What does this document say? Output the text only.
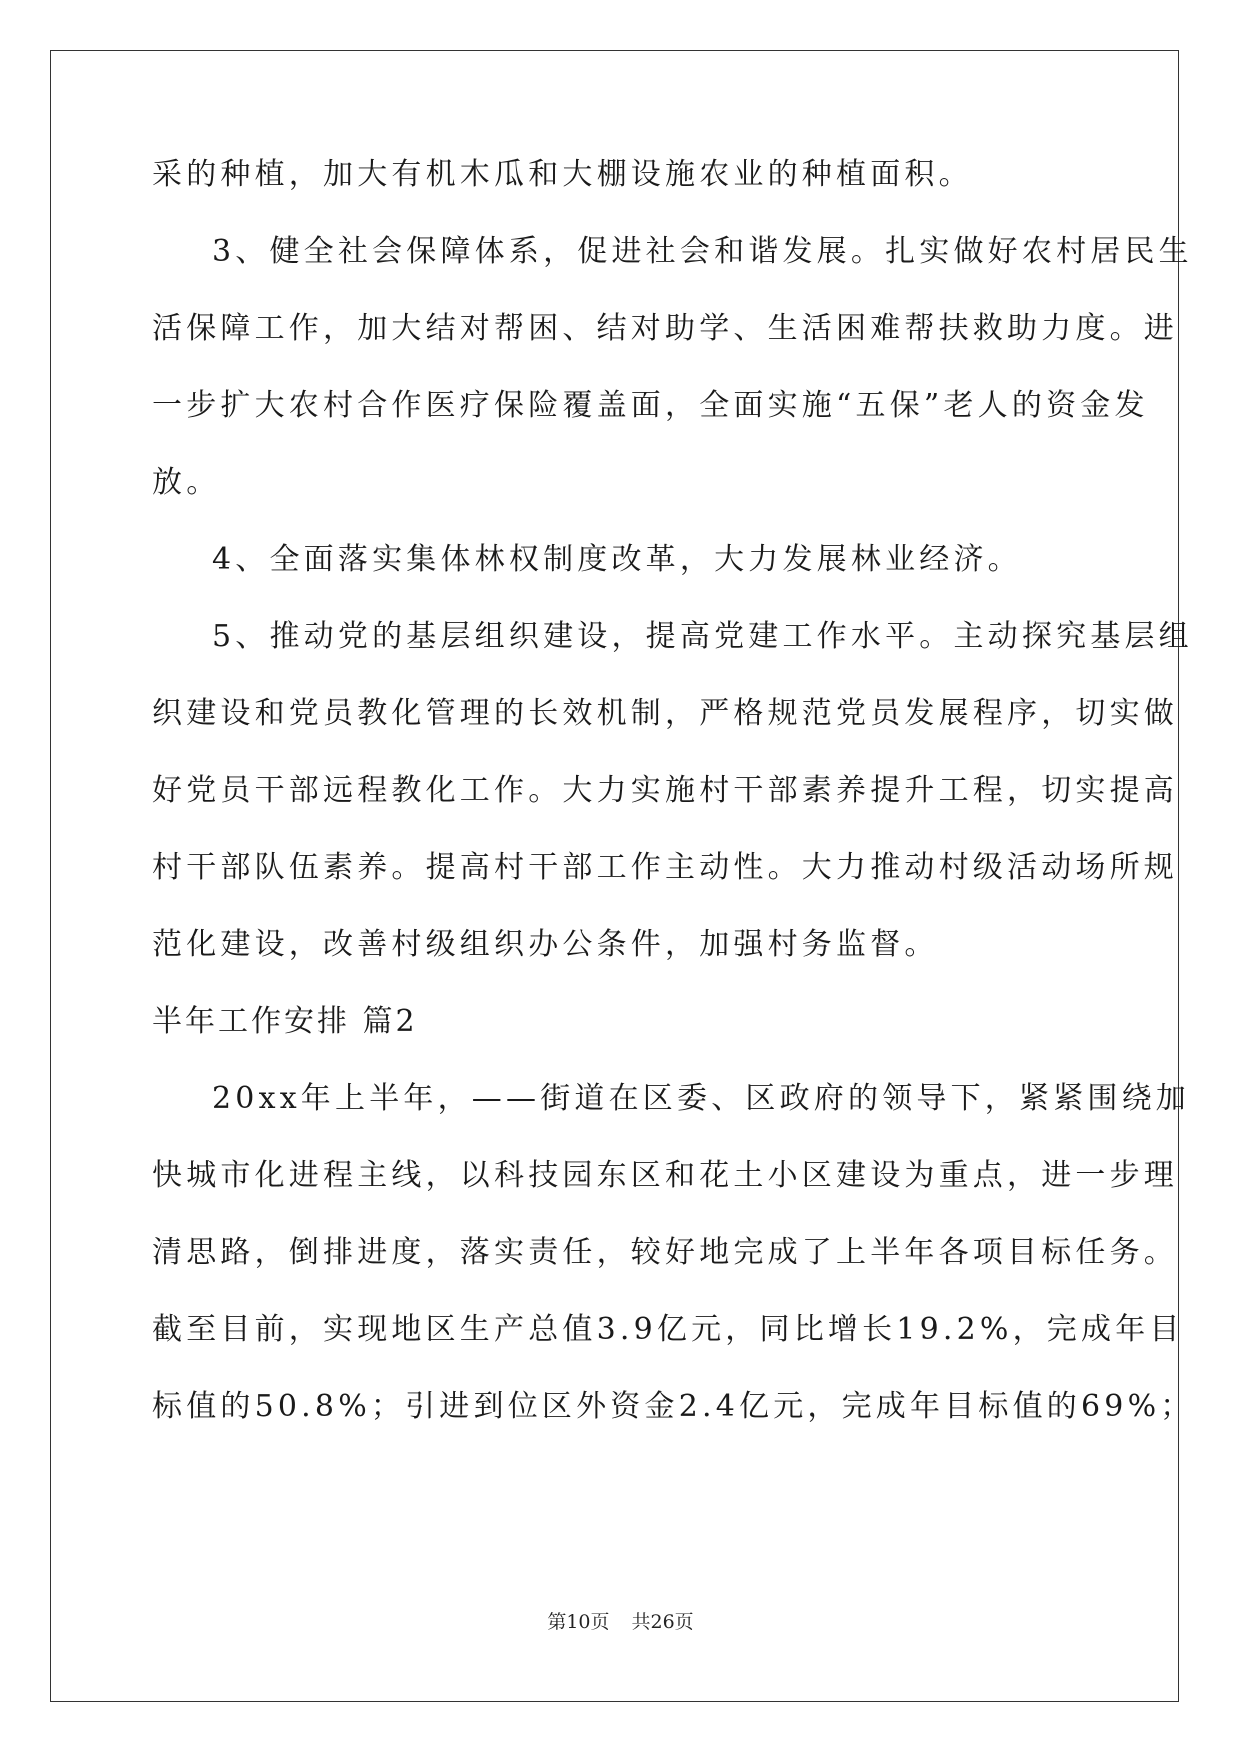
采的种植，加大有机木瓜和大棚设施农业的种植面积。
3、健全社会保障体系，促进社会和谐发展。扎实做好农村居民生
活保障工作，加大结对帮困、结对助学、生活困难帮扶救助力度。进
一步扩大农村合作医疗保险覆盖面，全面实施“五保”老人的资金发
放。
4、全面落实集体林权制度改革，大力发展林业经济。
5、推动党的基层组织建设，提高党建工作水平。主动探究基层组
织建设和党员教化管理的长效机制，严格规范党员发展程序，切实做
好党员干部远程教化工作。大力实施村干部素养提升工程，切实提高
村干部队伍素养。提高村干部工作主动性。大力推动村级活动场所规
范化建设，改善村级组织办公条件，加强村务监督。
半年工作安排 篇2
20xx年上半年，——街道在区委、区政府的领导下，紧紧围绕加
快城市化进程主线，以科技园东区和花土小区建设为重点，进一步理
清思路，倒排进度，落实责任，较好地完成了上半年各项目标任务。
截至目前，实现地区生产总值3.9亿元，同比增长19.2%，完成年目
标值的50.8%；引进到位区外资金2.4亿元，完成年目标值的69%；
第10页 共26页
